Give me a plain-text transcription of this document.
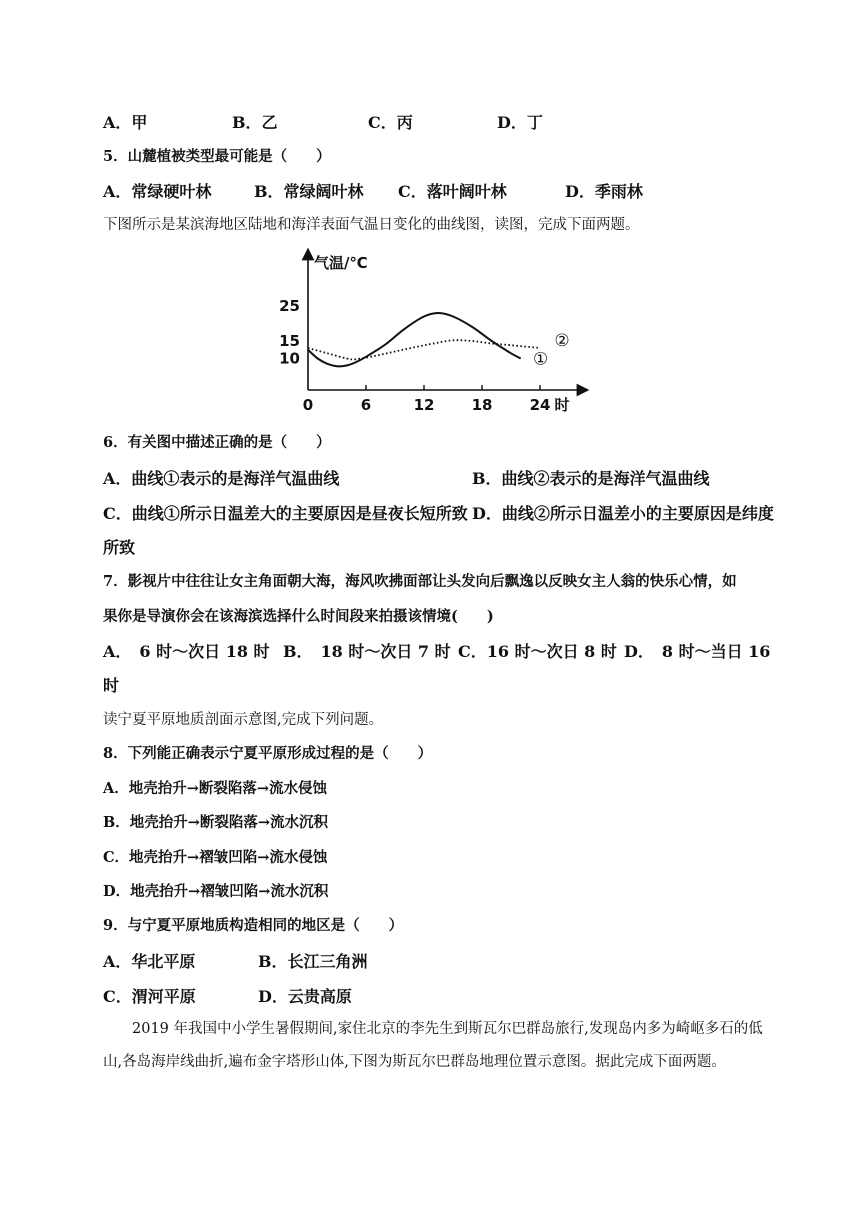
A．甲	B．乙	C．丙	D．丁
5．山麓植被类型最可能是（　　）
A．常绿硬叶林	B．常绿阔叶林 C．落叶阔叶林	D．季雨林
下图所示是某滨海地区陆地和海洋表面气温日变化的曲线图，读图，完成下面两题。
气温/℃
0	6	12 18 24 时
10
15
25
①
②
6．有关图中描述正确的是（　　）
A．曲线①表示的是海洋气温曲线	B．曲线②表示的是海洋气温曲线
C．曲线①所示日温差大的主要原因是昼夜长短所致 D．曲线②所示日温差小的主要原因是纬度
所致
7．影视片中往往让女主角面朝大海，海风吹拂面部让头发向后飘逸以反映女主人翁的快乐心情，如
果你是导演你会在该海滨选择什么时间段来拍摄该情境(　　)
A．　6 时～次日 18 时 B．　18 时～次日 7 时 C．16 时～次日 8 时 D．　8 时～当日 16
时
读宁夏平原地质剖面示意图,完成下列问题。
8．下列能正确表示宁夏平原形成过程的是（　　）
A．地壳抬升→断裂陷落→流水侵蚀
B．地壳抬升→断裂陷落→流水沉积
C．地壳抬升→褶皱凹陷→流水侵蚀
D．地壳抬升→褶皱凹陷→流水沉积
9．与宁夏平原地质构造相同的地区是（　　）
A．华北平原	B．长江三角洲
C．渭河平原	D．云贵高原
2019 年我国中小学生暑假期间,家住北京的李先生到斯瓦尔巴群岛旅行,发现岛内多为崎岖多石的低山,各岛海岸线曲折,遍布金字塔形山体,下图为斯瓦尔巴群岛地理位置示意图。据此完成下面两题。
